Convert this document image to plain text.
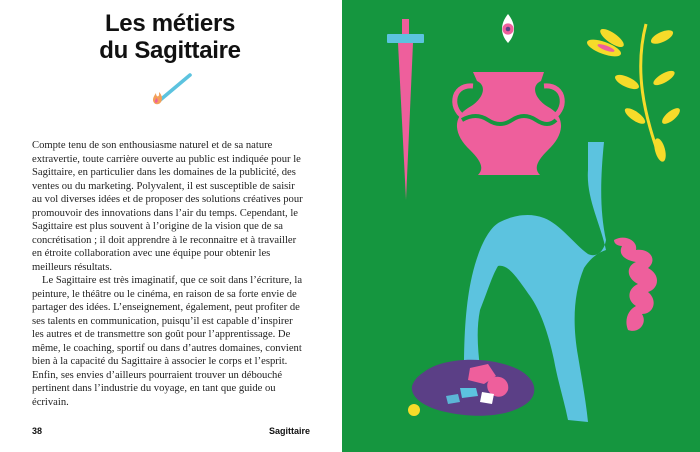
Les métiers
du Sagittaire

Compte tenu de son enthousiasme naturel et de sa nature extravertie, toute carrière ouverte au public est indiquée pour le Sagittaire, en particulier dans les domaines de la publicité, des ventes ou du marketing. Polyvalent, il est susceptible de saisir au vol diverses idées et de proposer des solutions créatives pour promouvoir des innovations dans l’air du temps. Cependant, le Sagittaire est plus souvent à l’origine de la vision que de sa concrétisation ; il doit apprendre à le reconnaitre et à travailler en étroite collaboration avec une équipe pour obtenir les meilleurs résultats.

Le Sagittaire est très imaginatif, que ce soit dans l’écriture, la peinture, le théâtre ou le cinéma, en raison de sa forte envie de partager des idées. L’enseignement, également, peut profiter de ses talents en communication, puisqu’il est capable d’inspirer les autres et de transmettre son goût pour l’apprentissage. De même, le coaching, sportif ou dans d’autres domaines, convient bien à la capacité du Sagittaire à associer le corps et l’esprit. Enfin, ses envies d’ailleurs pourraient trouver un débouché pertinent dans l’industrie du voyage, en tant que guide ou écrivain.

38	Sagittaire
